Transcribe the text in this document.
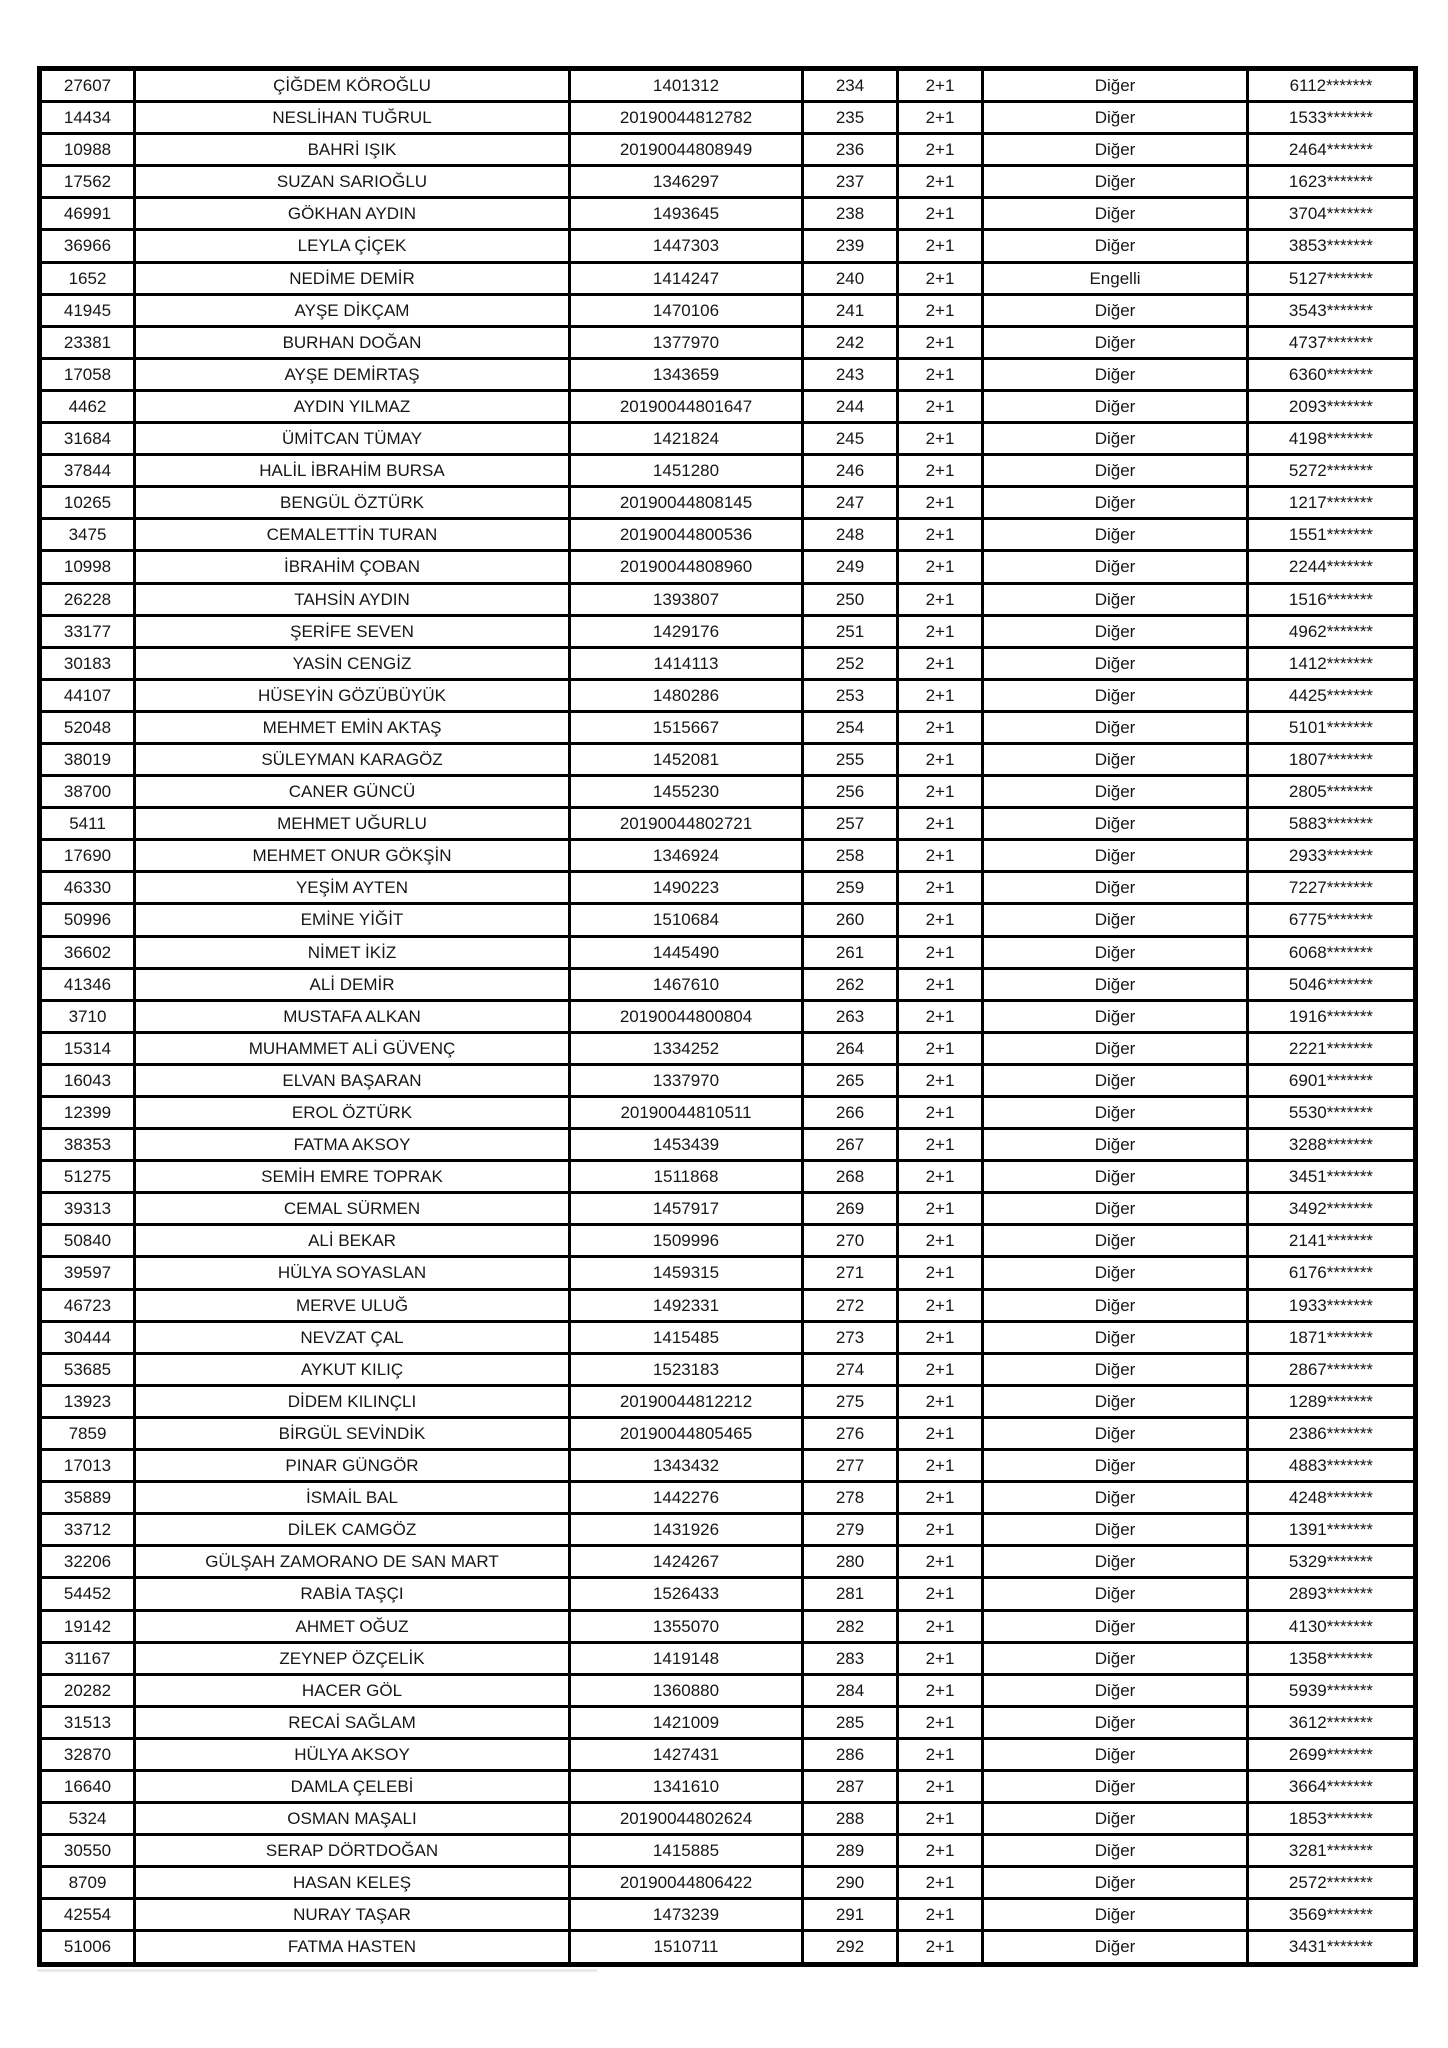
27607	ÇİĞDEM KÖROĞLU	1401312	234	2+1	Diğer	6112*******
14434	NESLİHAN TUĞRUL	20190044812782	235	2+1	Diğer	1533*******
10988	BAHRİ IŞIK	20190044808949	236	2+1	Diğer	2464*******
17562	SUZAN SARIOĞLU	1346297	237	2+1	Diğer	1623*******
46991	GÖKHAN AYDIN	1493645	238	2+1	Diğer	3704*******
36966	LEYLA ÇİÇEK	1447303	239	2+1	Diğer	3853*******
1652	NEDİME DEMİR	1414247	240	2+1	Engelli	5127*******
41945	AYŞE DİKÇAM	1470106	241	2+1	Diğer	3543*******
23381	BURHAN DOĞAN	1377970	242	2+1	Diğer	4737*******
17058	AYŞE DEMİRTAŞ	1343659	243	2+1	Diğer	6360*******
4462	AYDIN YILMAZ	20190044801647	244	2+1	Diğer	2093*******
31684	ÜMİTCAN TÜMAY	1421824	245	2+1	Diğer	4198*******
37844	HALİL İBRAHİM BURSA	1451280	246	2+1	Diğer	5272*******
10265	BENGÜL ÖZTÜRK	20190044808145	247	2+1	Diğer	1217*******
3475	CEMALETTİN TURAN	20190044800536	248	2+1	Diğer	1551*******
10998	İBRAHİM ÇOBAN	20190044808960	249	2+1	Diğer	2244*******
26228	TAHSİN AYDIN	1393807	250	2+1	Diğer	1516*******
33177	ŞERİFE SEVEN	1429176	251	2+1	Diğer	4962*******
30183	YASİN CENGİZ	1414113	252	2+1	Diğer	1412*******
44107	HÜSEYİN GÖZÜBÜYÜK	1480286	253	2+1	Diğer	4425*******
52048	MEHMET EMİN AKTAŞ	1515667	254	2+1	Diğer	5101*******
38019	SÜLEYMAN KARAGÖZ	1452081	255	2+1	Diğer	1807*******
38700	CANER GÜNCÜ	1455230	256	2+1	Diğer	2805*******
5411	MEHMET UĞURLU	20190044802721	257	2+1	Diğer	5883*******
17690	MEHMET ONUR GÖKŞİN	1346924	258	2+1	Diğer	2933*******
46330	YEŞİM AYTEN	1490223	259	2+1	Diğer	7227*******
50996	EMİNE YİĞİT	1510684	260	2+1	Diğer	6775*******
36602	NİMET İKİZ	1445490	261	2+1	Diğer	6068*******
41346	ALİ DEMİR	1467610	262	2+1	Diğer	5046*******
3710	MUSTAFA ALKAN	20190044800804	263	2+1	Diğer	1916*******
15314	MUHAMMET ALİ GÜVENÇ	1334252	264	2+1	Diğer	2221*******
16043	ELVAN BAŞARAN	1337970	265	2+1	Diğer	6901*******
12399	EROL ÖZTÜRK	20190044810511	266	2+1	Diğer	5530*******
38353	FATMA AKSOY	1453439	267	2+1	Diğer	3288*******
51275	SEMİH EMRE TOPRAK	1511868	268	2+1	Diğer	3451*******
39313	CEMAL SÜRMEN	1457917	269	2+1	Diğer	3492*******
50840	ALİ BEKAR	1509996	270	2+1	Diğer	2141*******
39597	HÜLYA SOYASLAN	1459315	271	2+1	Diğer	6176*******
46723	MERVE ULUĞ	1492331	272	2+1	Diğer	1933*******
30444	NEVZAT ÇAL	1415485	273	2+1	Diğer	1871*******
53685	AYKUT KILIÇ	1523183	274	2+1	Diğer	2867*******
13923	DİDEM KILINÇLI	20190044812212	275	2+1	Diğer	1289*******
7859	BİRGÜL SEVİNDİK	20190044805465	276	2+1	Diğer	2386*******
17013	PINAR GÜNGÖR	1343432	277	2+1	Diğer	4883*******
35889	İSMAİL BAL	1442276	278	2+1	Diğer	4248*******
33712	DİLEK CAMGÖZ	1431926	279	2+1	Diğer	1391*******
32206	GÜLŞAH ZAMORANO DE SAN MART	1424267	280	2+1	Diğer	5329*******
54452	RABİA TAŞÇI	1526433	281	2+1	Diğer	2893*******
19142	AHMET OĞUZ	1355070	282	2+1	Diğer	4130*******
31167	ZEYNEP ÖZÇELİK	1419148	283	2+1	Diğer	1358*******
20282	HACER GÖL	1360880	284	2+1	Diğer	5939*******
31513	RECAİ SAĞLAM	1421009	285	2+1	Diğer	3612*******
32870	HÜLYA AKSOY	1427431	286	2+1	Diğer	2699*******
16640	DAMLA ÇELEBİ	1341610	287	2+1	Diğer	3664*******
5324	OSMAN MAŞALI	20190044802624	288	2+1	Diğer	1853*******
30550	SERAP DÖRTDOĞAN	1415885	289	2+1	Diğer	3281*******
8709	HASAN KELEŞ	20190044806422	290	2+1	Diğer	2572*******
42554	NURAY TAŞAR	1473239	291	2+1	Diğer	3569*******
51006	FATMA HASTEN	1510711	292	2+1	Diğer	3431*******
